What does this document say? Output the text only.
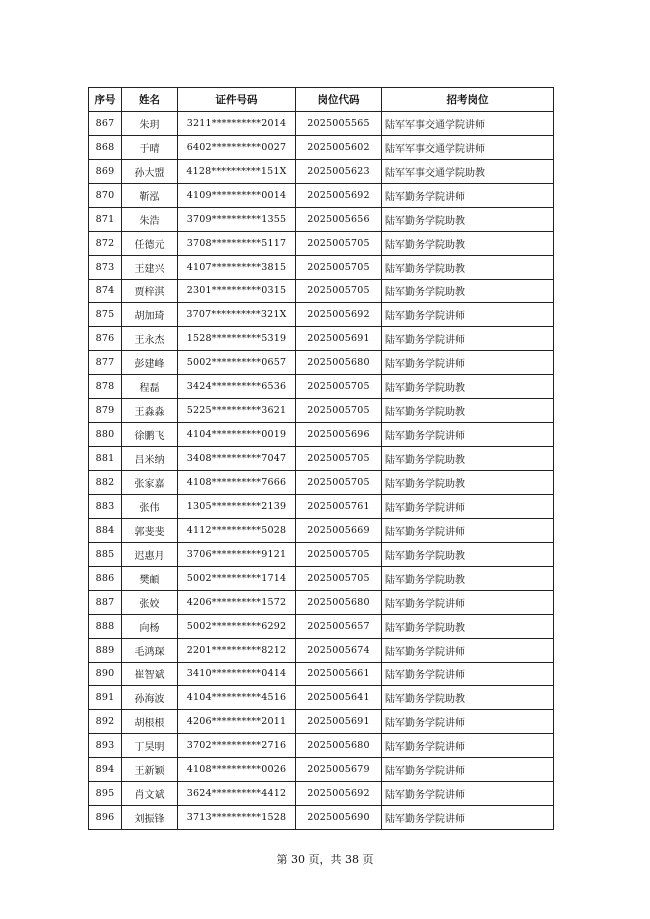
序号	姓名	证件号码	岗位代码	招考岗位
867	朱玥	3211**********2014	2025005565	陆军军事交通学院讲师
868	于晴	6402**********0027	2025005602	陆军军事交通学院讲师
869	孙大盟	4128**********151X	2025005623	陆军军事交通学院助教
870	靳泓	4109**********0014	2025005692	陆军勤务学院讲师
871	朱浩	3709**********1355	2025005656	陆军勤务学院助教
872	任德元	3708**********5117	2025005705	陆军勤务学院助教
873	王建兴	4107**********3815	2025005705	陆军勤务学院助教
874	贾梓淇	2301**********0315	2025005705	陆军勤务学院助教
875	胡加琦	3707**********321X	2025005692	陆军勤务学院讲师
876	王永杰	1528**********5319	2025005691	陆军勤务学院讲师
877	彭建峰	5002**********0657	2025005680	陆军勤务学院讲师
878	程磊	3424**********6536	2025005705	陆军勤务学院助教
879	王淼淼	5225**********3621	2025005705	陆军勤务学院助教
880	徐鹏飞	4104**********0019	2025005696	陆军勤务学院讲师
881	吕米纳	3408**********7047	2025005705	陆军勤务学院助教
882	张家嘉	4108**********7666	2025005705	陆军勤务学院助教
883	张伟	1305**********2139	2025005761	陆军勤务学院讲师
884	郭斐斐	4112**********5028	2025005669	陆军勤务学院讲师
885	迟惠月	3706**********9121	2025005705	陆军勤务学院助教
886	樊頔	5002**********1714	2025005705	陆军勤务学院助教
887	张姣	4206**********1572	2025005680	陆军勤务学院讲师
888	向杨	5002**********6292	2025005657	陆军勤务学院助教
889	毛鸿琛	2201**********8212	2025005674	陆军勤务学院讲师
890	崔智斌	3410**********0414	2025005661	陆军勤务学院讲师
891	孙海波	4104**********4516	2025005641	陆军勤务学院助教
892	胡根根	4206**********2011	2025005691	陆军勤务学院讲师
893	丁昊明	3702**********2716	2025005680	陆军勤务学院讲师
894	王新颖	4108**********0026	2025005679	陆军勤务学院讲师
895	肖文斌	3624**********4412	2025005692	陆军勤务学院讲师
896	刘振锋	3713**********1528	2025005690	陆军勤务学院讲师
第 30 页，共 38 页
